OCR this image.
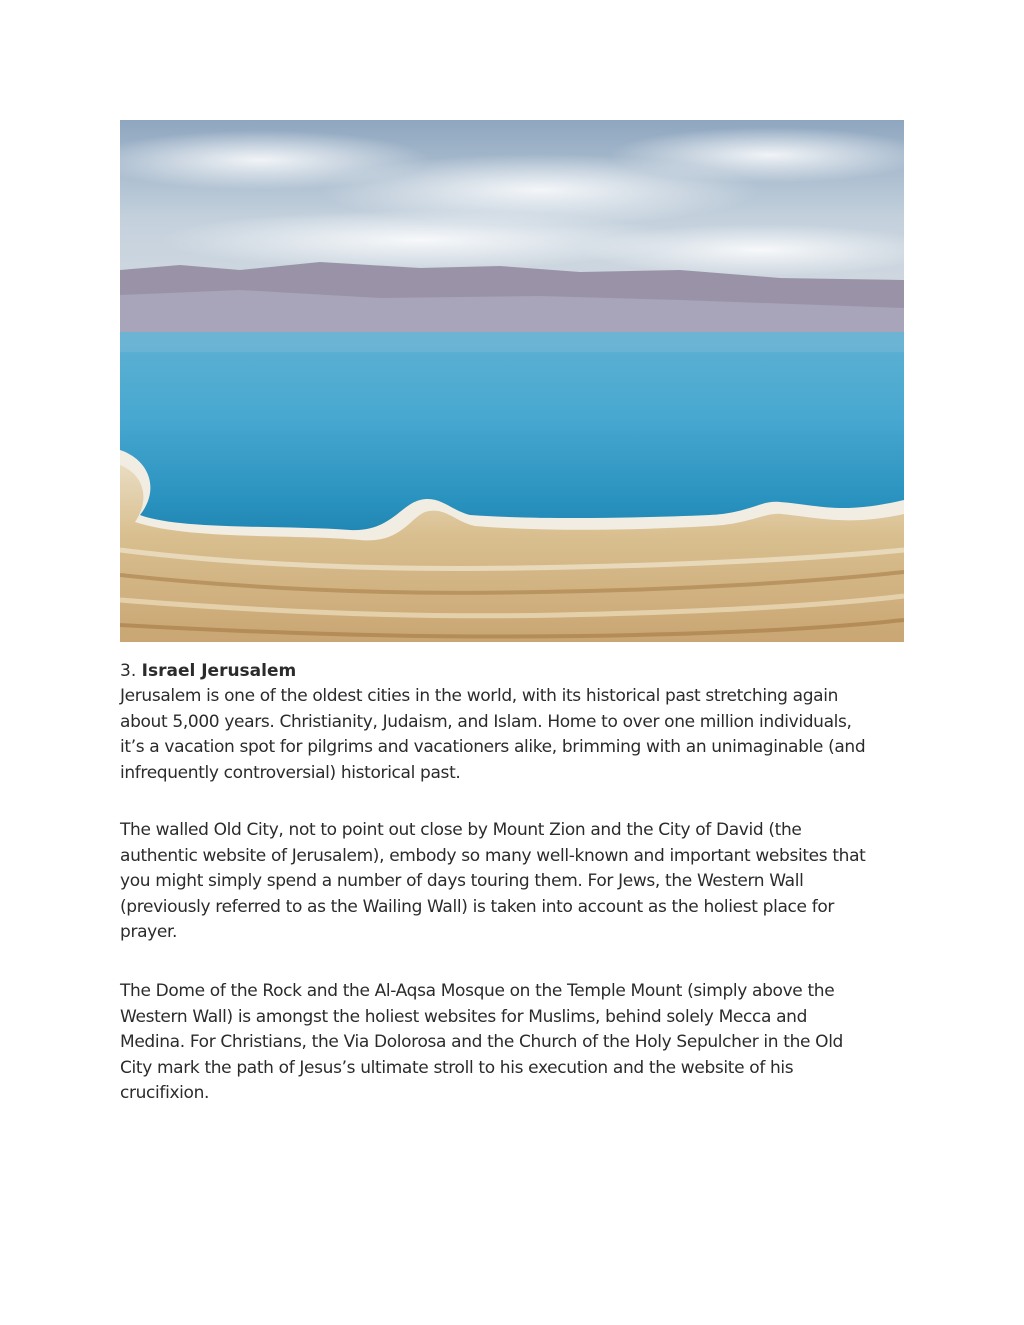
3. Israel Jerusalem

Jerusalem is one of the oldest cities in the world, with its historical past stretching again
about 5,000 years. Christianity, Judaism, and Islam. Home to over one million individuals,
it’s a vacation spot for pilgrims and vacationers alike, brimming with an unimaginable (and
infrequently controversial) historical past.

The walled Old City, not to point out close by Mount Zion and the City of David (the
authentic website of Jerusalem), embody so many well-known and important websites that
you might simply spend a number of days touring them. For Jews, the Western Wall
(previously referred to as the Wailing Wall) is taken into account as the holiest place for
prayer.

The Dome of the Rock and the Al-Aqsa Mosque on the Temple Mount (simply above the
Western Wall) is amongst the holiest websites for Muslims, behind solely Mecca and
Medina. For Christians, the Via Dolorosa and the Church of the Holy Sepulcher in the Old
City mark the path of Jesus’s ultimate stroll to his execution and the website of his
crucifixion.
